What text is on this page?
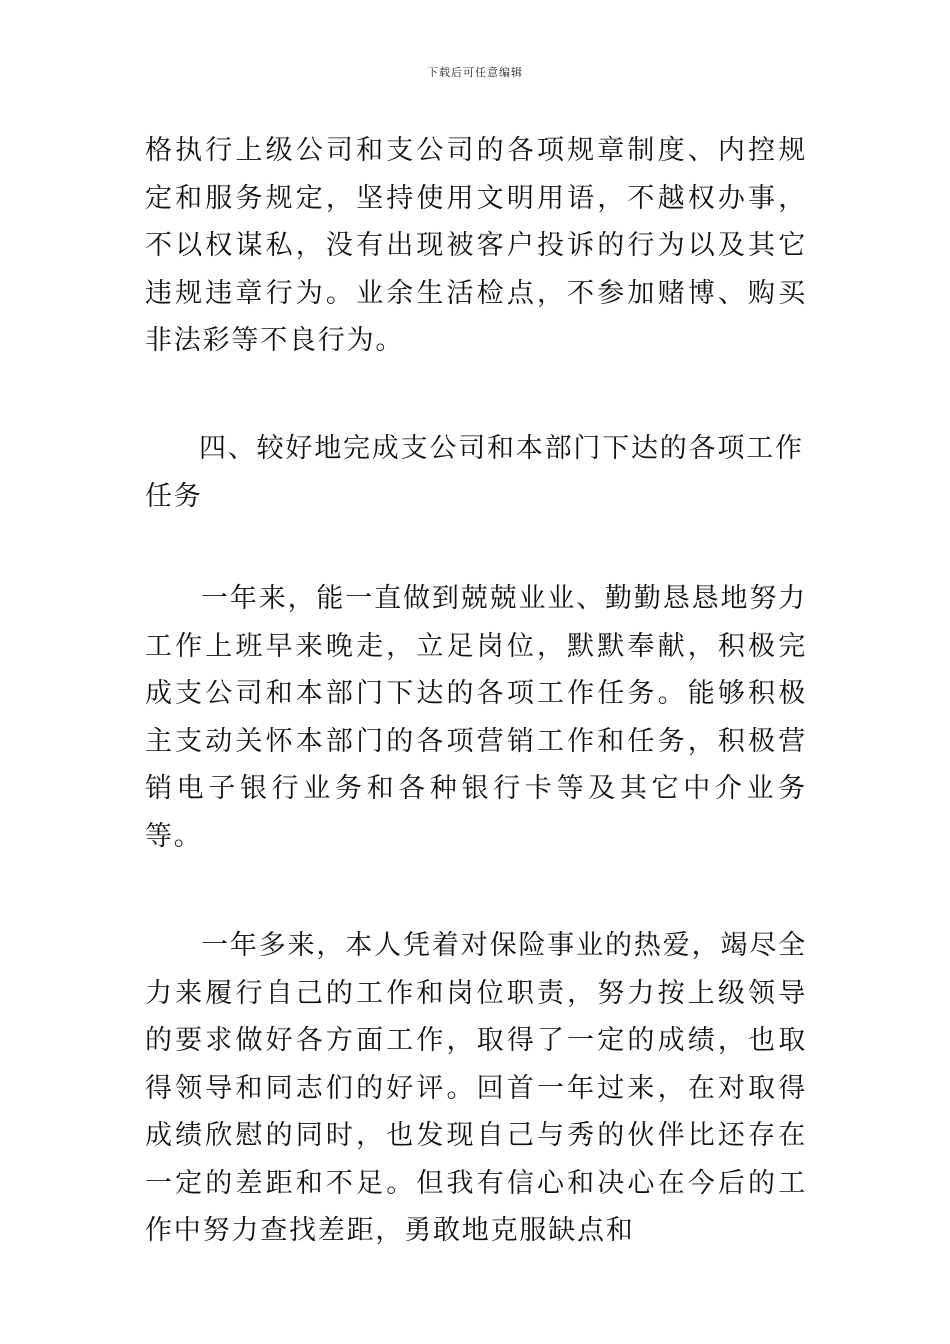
下载后可任意编辑

格执行上级公司和支公司的各项规章制度、内控规定和服务规定，坚持使用文明用语，不越权办事，不以权谋私，没有出现被客户投诉的行为以及其它违规违章行为。业余生活检点，不参加赌博、购买非法彩等不良行为。

四、较好地完成支公司和本部门下达的各项工作任务

一年来，能一直做到兢兢业业、勤勤恳恳地努力工作上班早来晚走，立足岗位，默默奉献，积极完成支公司和本部门下达的各项工作任务。能够积极主支动关怀本部门的各项营销工作和任务，积极营销电子银行业务和各种银行卡等及其它中介业务等。

一年多来，本人凭着对保险事业的热爱，竭尽全力来履行自己的工作和岗位职责，努力按上级领导的要求做好各方面工作，取得了一定的成绩，也取得领导和同志们的好评。回首一年过来，在对取得成绩欣慰的同时，也发现自己与秀的伙伴比还存在一定的差距和不足。但我有信心和决心在今后的工作中努力查找差距，勇敢地克服缺点和
